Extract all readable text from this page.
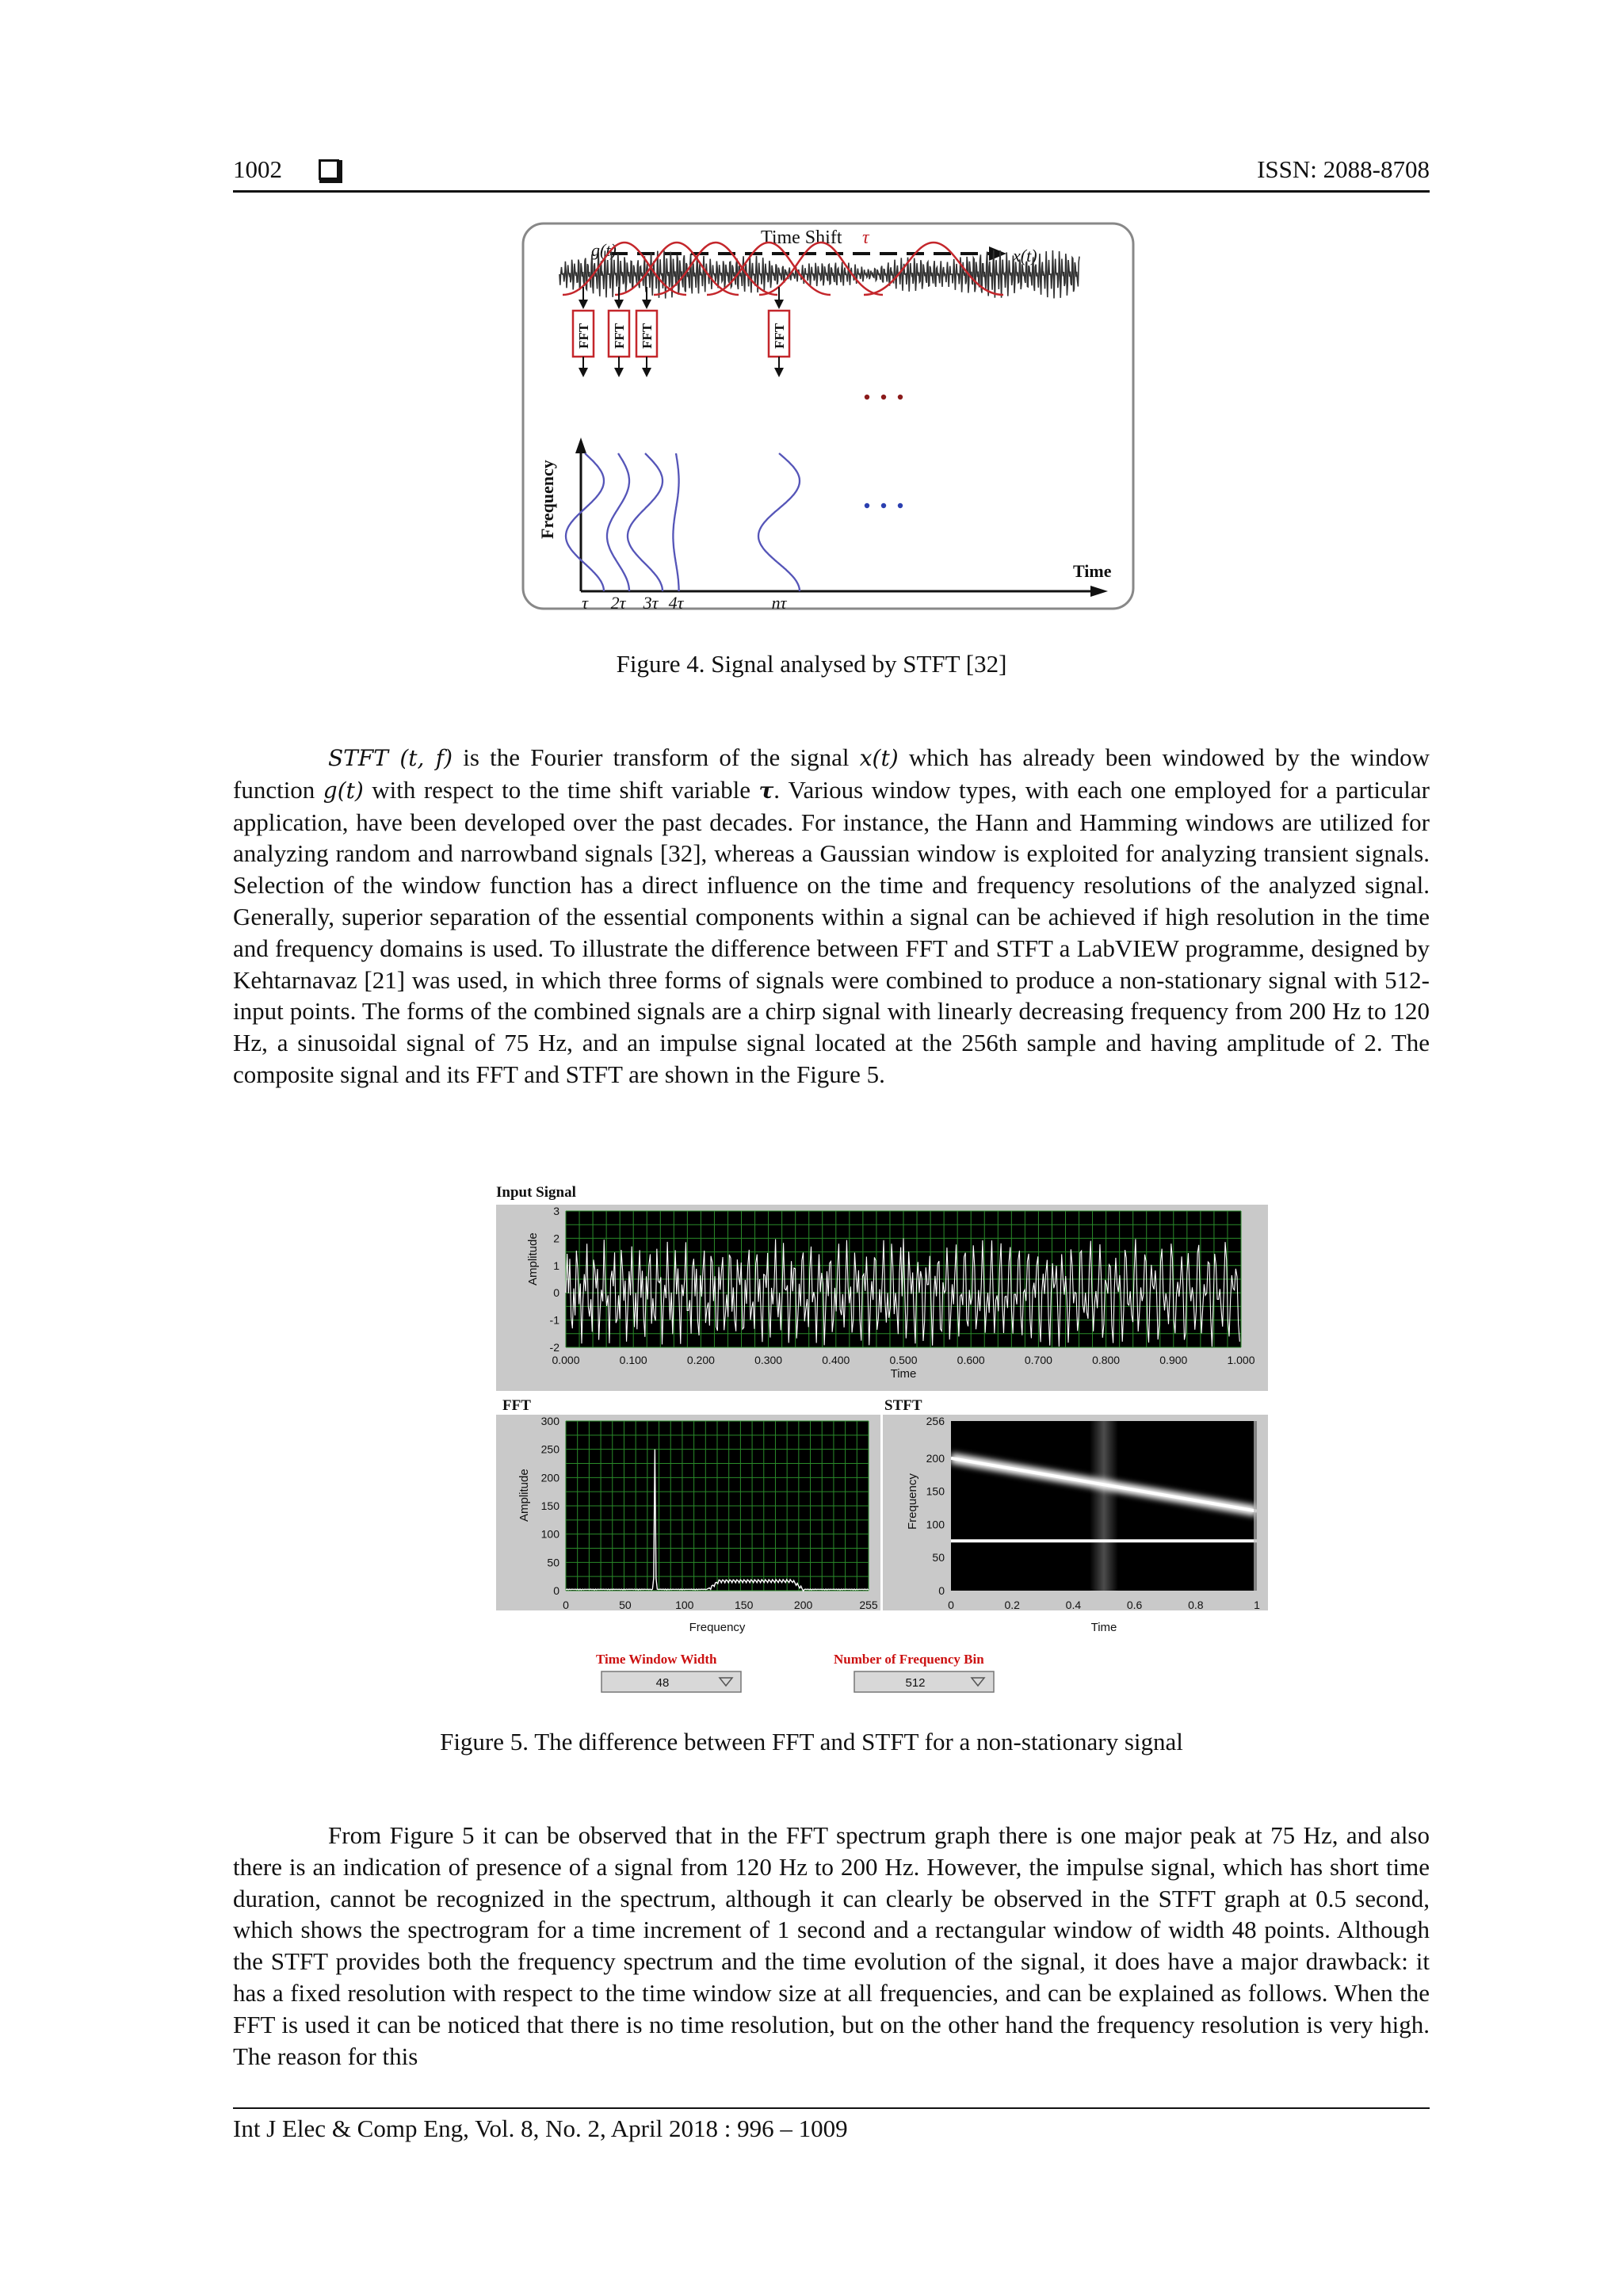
1002	ISSN: 2088-8708
Time Shift τ
g(t)	x(t)
FFT FFT FFT	FFT
Frequency
Time
τ 2τ 3τ 4τ	nτ
Figure 4. Signal analysed by STFT [32]
STFT (t, f) is the Fourier transform of the signal x(t) which has already been windowed by the window function g(t) with respect to the time shift variable τ. Various window types, with each one employed for a particular application, have been developed over the past decades. For instance, the Hann and Hamming windows are utilized for analyzing random and narrowband signals [32], whereas a Gaussian window is exploited for analyzing transient signals. Selection of the window function has a direct influence on the time and frequency resolutions of the analyzed signal. Generally, superior separation of the essential components within a signal can be achieved if high resolution in the time and frequency domains is used. To illustrate the difference between FFT and STFT a LabVIEW programme, designed by Kehtarnavaz [21] was used, in which three forms of signals were combined to produce a non-stationary signal with 512-input points. The forms of the combined signals are a chirp signal with linearly decreasing frequency from 200 Hz to 120 Hz, a sinusoidal signal of 75 Hz, and an impulse signal located at the 256th sample and having amplitude of 2. The composite signal and its FFT and STFT are shown in the Figure 5.
Input Signal
3
2
1
0
-1
-2
0.000	0.100	0.200	0.300	0.400	0.500	0.600	0.700	0.800	0.900	1.000
Amplitude
Time
FFT
300
250
200
150
100
50
0
0	50	100	150	200	255
Amplitude
Frequency
STFT
256
200
150
100
50
0
0	0.2	0.4	0.6	0.8	1
Frequency
Time
Time Window Width
48
Number of Frequency Bin
512
Figure 5. The difference between FFT and STFT for a non-stationary signal
From Figure 5 it can be observed that in the FFT spectrum graph there is one major peak at 75 Hz, and also there is an indication of presence of a signal from 120 Hz to 200 Hz. However, the impulse signal, which has short time duration, cannot be recognized in the spectrum, although it can clearly be observed in the STFT graph at 0.5 second, which shows the spectrogram for a time increment of 1 second and a rectangular window of width 48 points. Although the STFT provides both the frequency spectrum and the time evolution of the signal, it does have a major drawback: it has a fixed resolution with respect to the time window size at all frequencies, and can be explained as follows. When the FFT is used it can be noticed that there is no time resolution, but on the other hand the frequency resolution is very high. The reason for this
Int J Elec & Comp Eng, Vol. 8, No. 2, April 2018 : 996 – 1009
